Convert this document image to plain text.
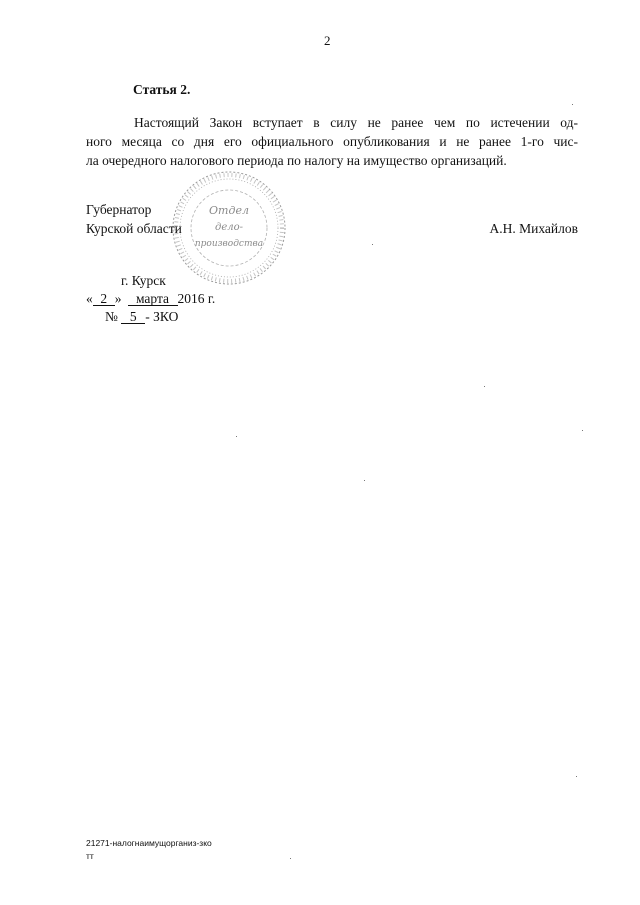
2
Статья 2.
Настоящий Закон вступает в силу не ранее чем по истечении од-
ного месяца со дня его официального опубликования и не ранее 1-го чис-
ла очередного налогового периода по налогу на имущество организаций.
Отдел
дело-
производства
Губернатор
Курской области	А.Н. Михайлов
г. Курск
« 2 » марта 2016 г.
№ 5 - ЗКО
21271-налогнаимущорганиз-зко
тт
